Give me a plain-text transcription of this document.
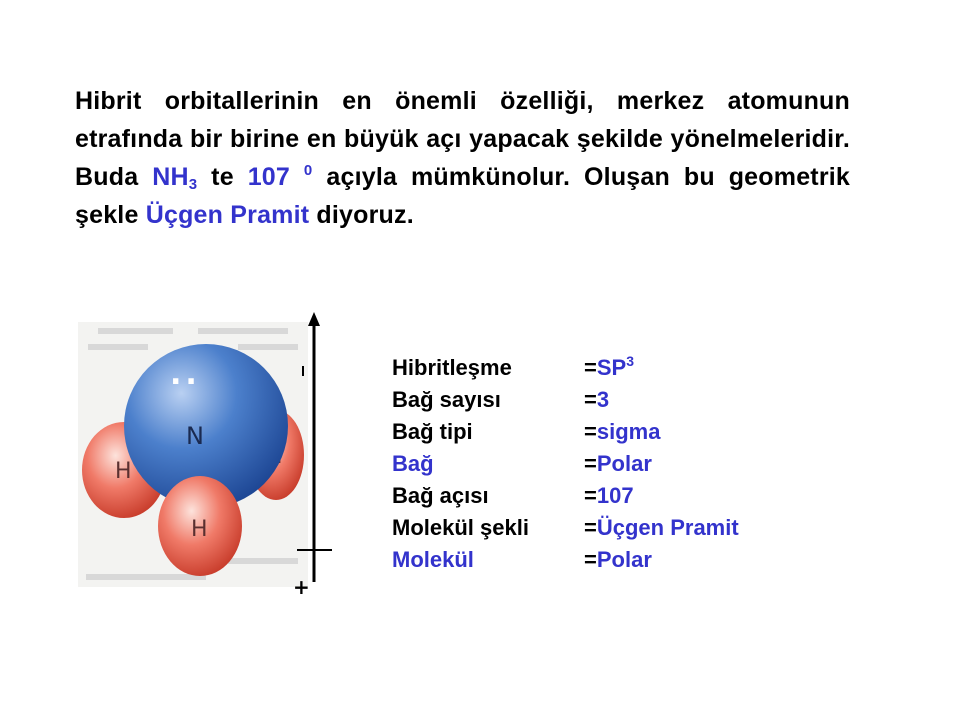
Hibrit orbitallerinin en önemli özelliği, merkez atomunun etrafında bir birine en büyük açı yapacak şekilde yönelmeleridir. Buda $NH_3$ te 107 $^0$ açıyla mümkünolur. Oluşan bu geometrik şekle Üçgen Pramit diyoruz.
H
N
..
H
+
Hibritleşme	= $SP^3$
Bağ sayısı	= 3
Bağ tipi	= sigma
Bağ	= Polar
Bağ açısı	= 107
Molekül şekli	= Üçgen Pramit
Molekül	= Polar
